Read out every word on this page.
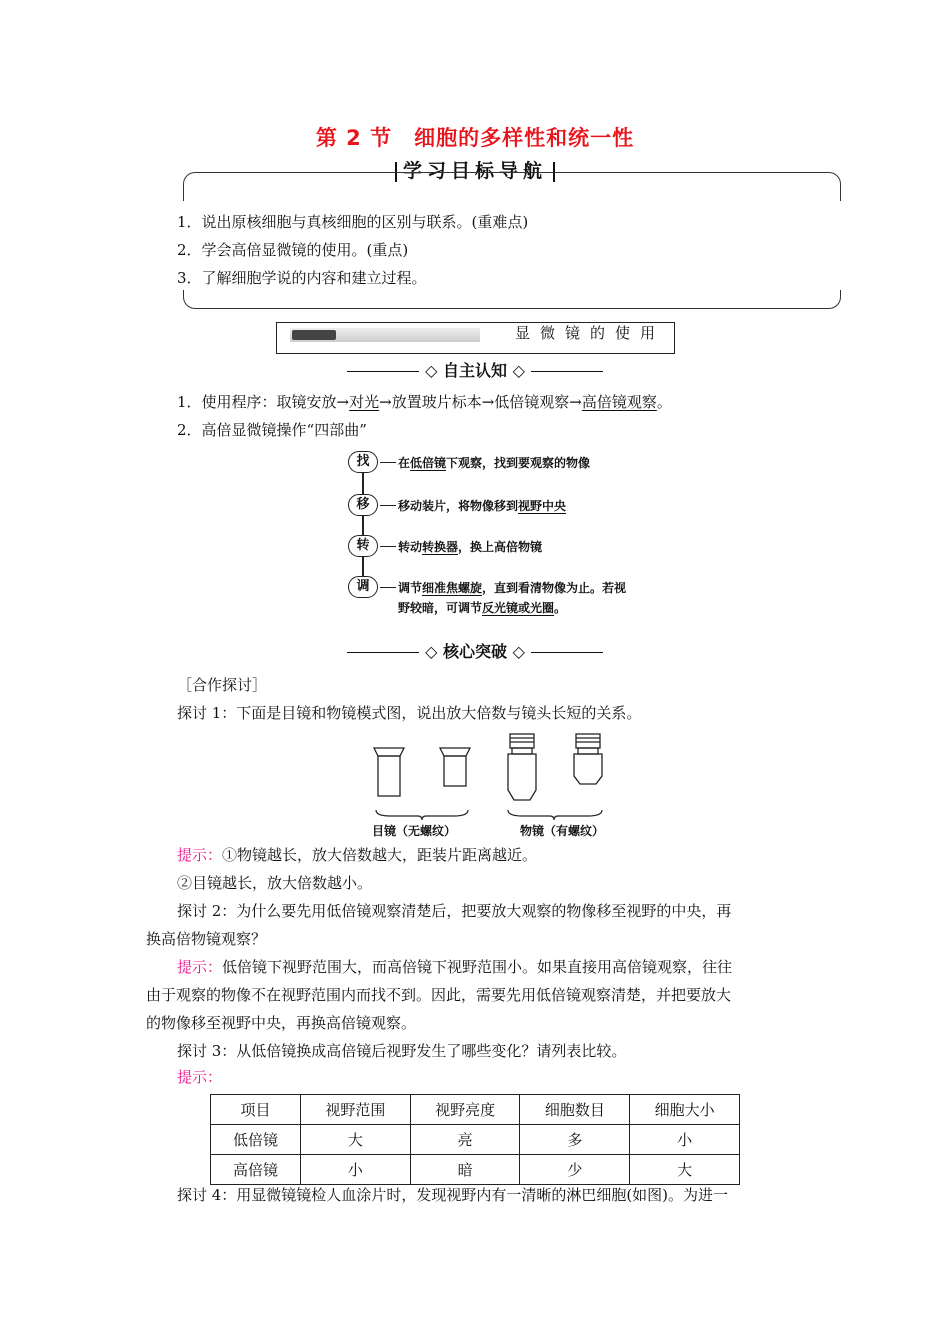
第 2 节　细胞的多样性和统一性
学习目标导航
1．说出原核细胞与真核细胞的区别与联系。(重难点)
2．学会高倍显微镜的使用。(重点)
3．了解细胞学说的内容和建立过程。
显微镜的使用
◇ 自主认知 ◇
1．使用程序：取镜安放→对光→放置玻片标本→低倍镜观察→高倍镜观察。
2．高倍显微镜操作“四部曲”
找	在低倍镜下观察，找到要观察的物像
移	移动装片，将物像移到视野中央
转	转动转换器，换上高倍物镜
调	调节细准焦螺旋，直到看清物像为止。若视
野较暗，可调节反光镜或光圈。
◇ 核心突破 ◇
［合作探讨］
探讨 1：下面是目镜和物镜模式图，说出放大倍数与镜头长短的关系。
目镜（无螺纹）	物镜（有螺纹）
提示：①物镜越长，放大倍数越大，距装片距离越近。
②目镜越长，放大倍数越小。
探讨 2：为什么要先用低倍镜观察清楚后，把要放大观察的物像移至视野的中央，再
换高倍物镜观察？
提示：低倍镜下视野范围大，而高倍镜下视野范围小。如果直接用高倍镜观察，往往
由于观察的物像不在视野范围内而找不到。因此，需要先用低倍镜观察清楚，并把要放大
的物像移至视野中央，再换高倍镜观察。
探讨 3：从低倍镜换成高倍镜后视野发生了哪些变化？请列表比较。
提示：
项目	视野范围	视野亮度	细胞数目	细胞大小
低倍镜	大	亮	多	小
高倍镜	小	暗	少	大
探讨 4：用显微镜镜检人血涂片时，发现视野内有一清晰的淋巴细胞(如图)。为进一
